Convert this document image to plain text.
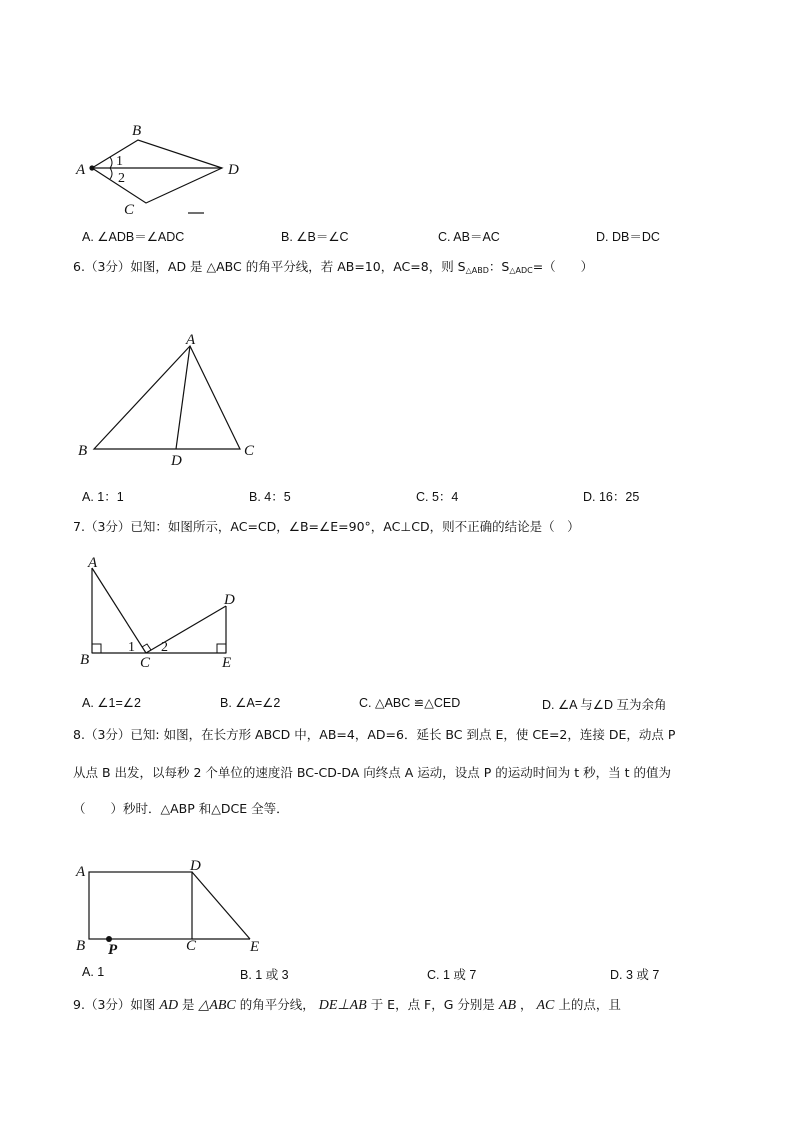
A
B
C
D
1
2
A. ∠ADB＝∠ADC	B. ∠B＝∠C	C. AB＝AC	D. DB＝DC
6.（3分）如图，AD 是 △ABC 的角平分线，若 AB=10，AC=8，则 $S_{\triangle ABD}$：$S_{\triangle ADC}=$（　　）
A
B	C
D
A. 1：1	B. 4：5	C. 5：4	D. 16：25
7.（3分）已知：如图所示，AC=CD，∠B=∠E=90°，AC⊥CD，则不正确的结论是（　）
A
B	C
D
E
1 2
A. ∠1=∠2	B. ∠A=∠2	C. △ABC ≌△CED	D. ∠A 与∠D 互为余角
8.（3分）已知: 如图，在长方形 ABCD 中，AB=4，AD=6．延长 BC 到点 E，使 CE=2，连接 DE，动点 P
从点 B 出发，以每秒 2 个单位的速度沿 BC-CD-DA 向终点 A 运动，设点 P 的运动时间为 t 秒，当 t 的值为
（　　）秒时．△ABP 和△DCE 全等．
A
B	C
D
E
P
A. 1	B. 1 或 3	C. 1 或 7	D. 3 或 7
9.（3分）如图 AD 是 △ABC 的角平分线， DE⊥AB 于 E，点 F，G 分别是 AB ， AC 上的点，且
